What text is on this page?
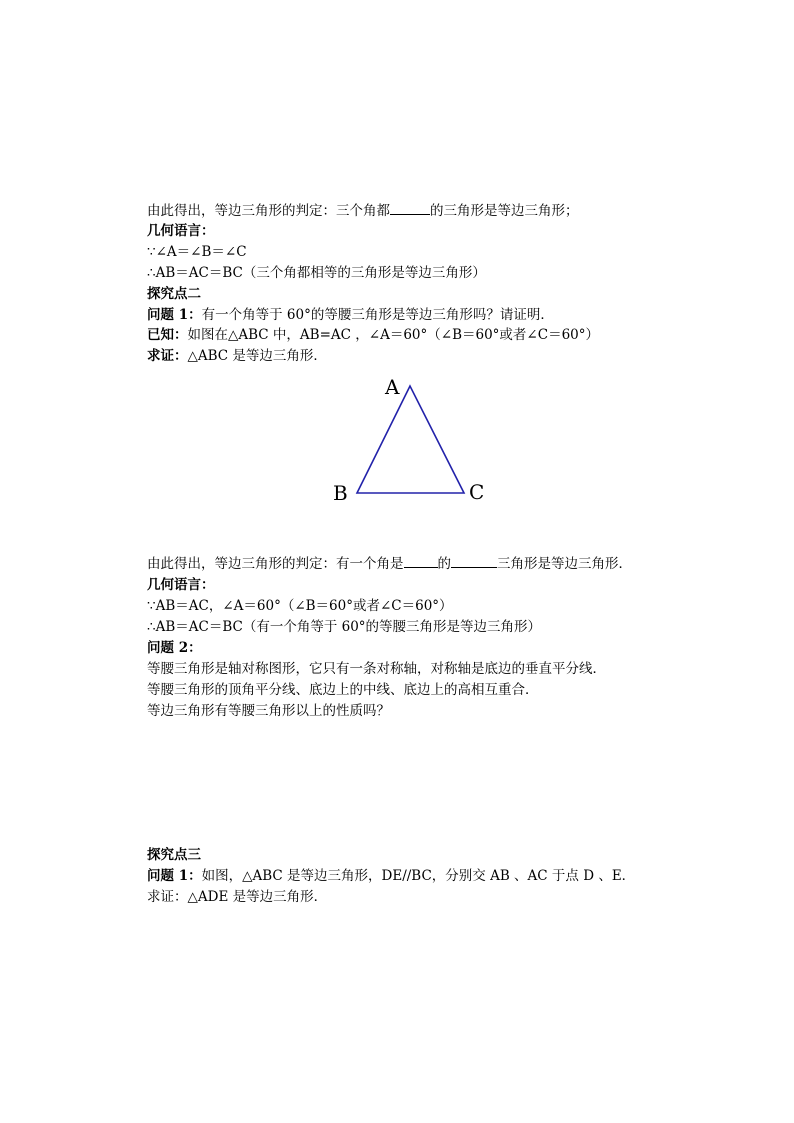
由此得出，等边三角形的判定：三个角都	的三角形是等边三角形；
几何语言：
∵∠A＝∠B＝∠C
∴AB＝AC＝BC（三个角都相等的三角形是等边三角形）
探究点二
问题 1：有一个角等于 60°的等腰三角形是等边三角形吗？请证明．
已知：如图在△ABC 中，AB=AC ，∠A＝60°（∠B＝60°或者∠C＝60°）
求证：△ABC 是等边三角形．
A
B	C
由此得出，等边三角形的判定：有一个角是	的	三角形是等边三角形．
几何语言：
∵AB＝AC，∠A＝60°（∠B＝60°或者∠C＝60°）
∴AB＝AC＝BC（有一个角等于 60°的等腰三角形是等边三角形）
问题 2：
等腰三角形是轴对称图形，它只有一条对称轴，对称轴是底边的垂直平分线．
等腰三角形的顶角平分线、底边上的中线、底边上的高相互重合．
等边三角形有等腰三角形以上的性质吗？
探究点三
问题 1：如图，△ABC 是等边三角形，DE//BC，分别交 AB 、AC 于点 D 、E．
求证：△ADE 是等边三角形．
